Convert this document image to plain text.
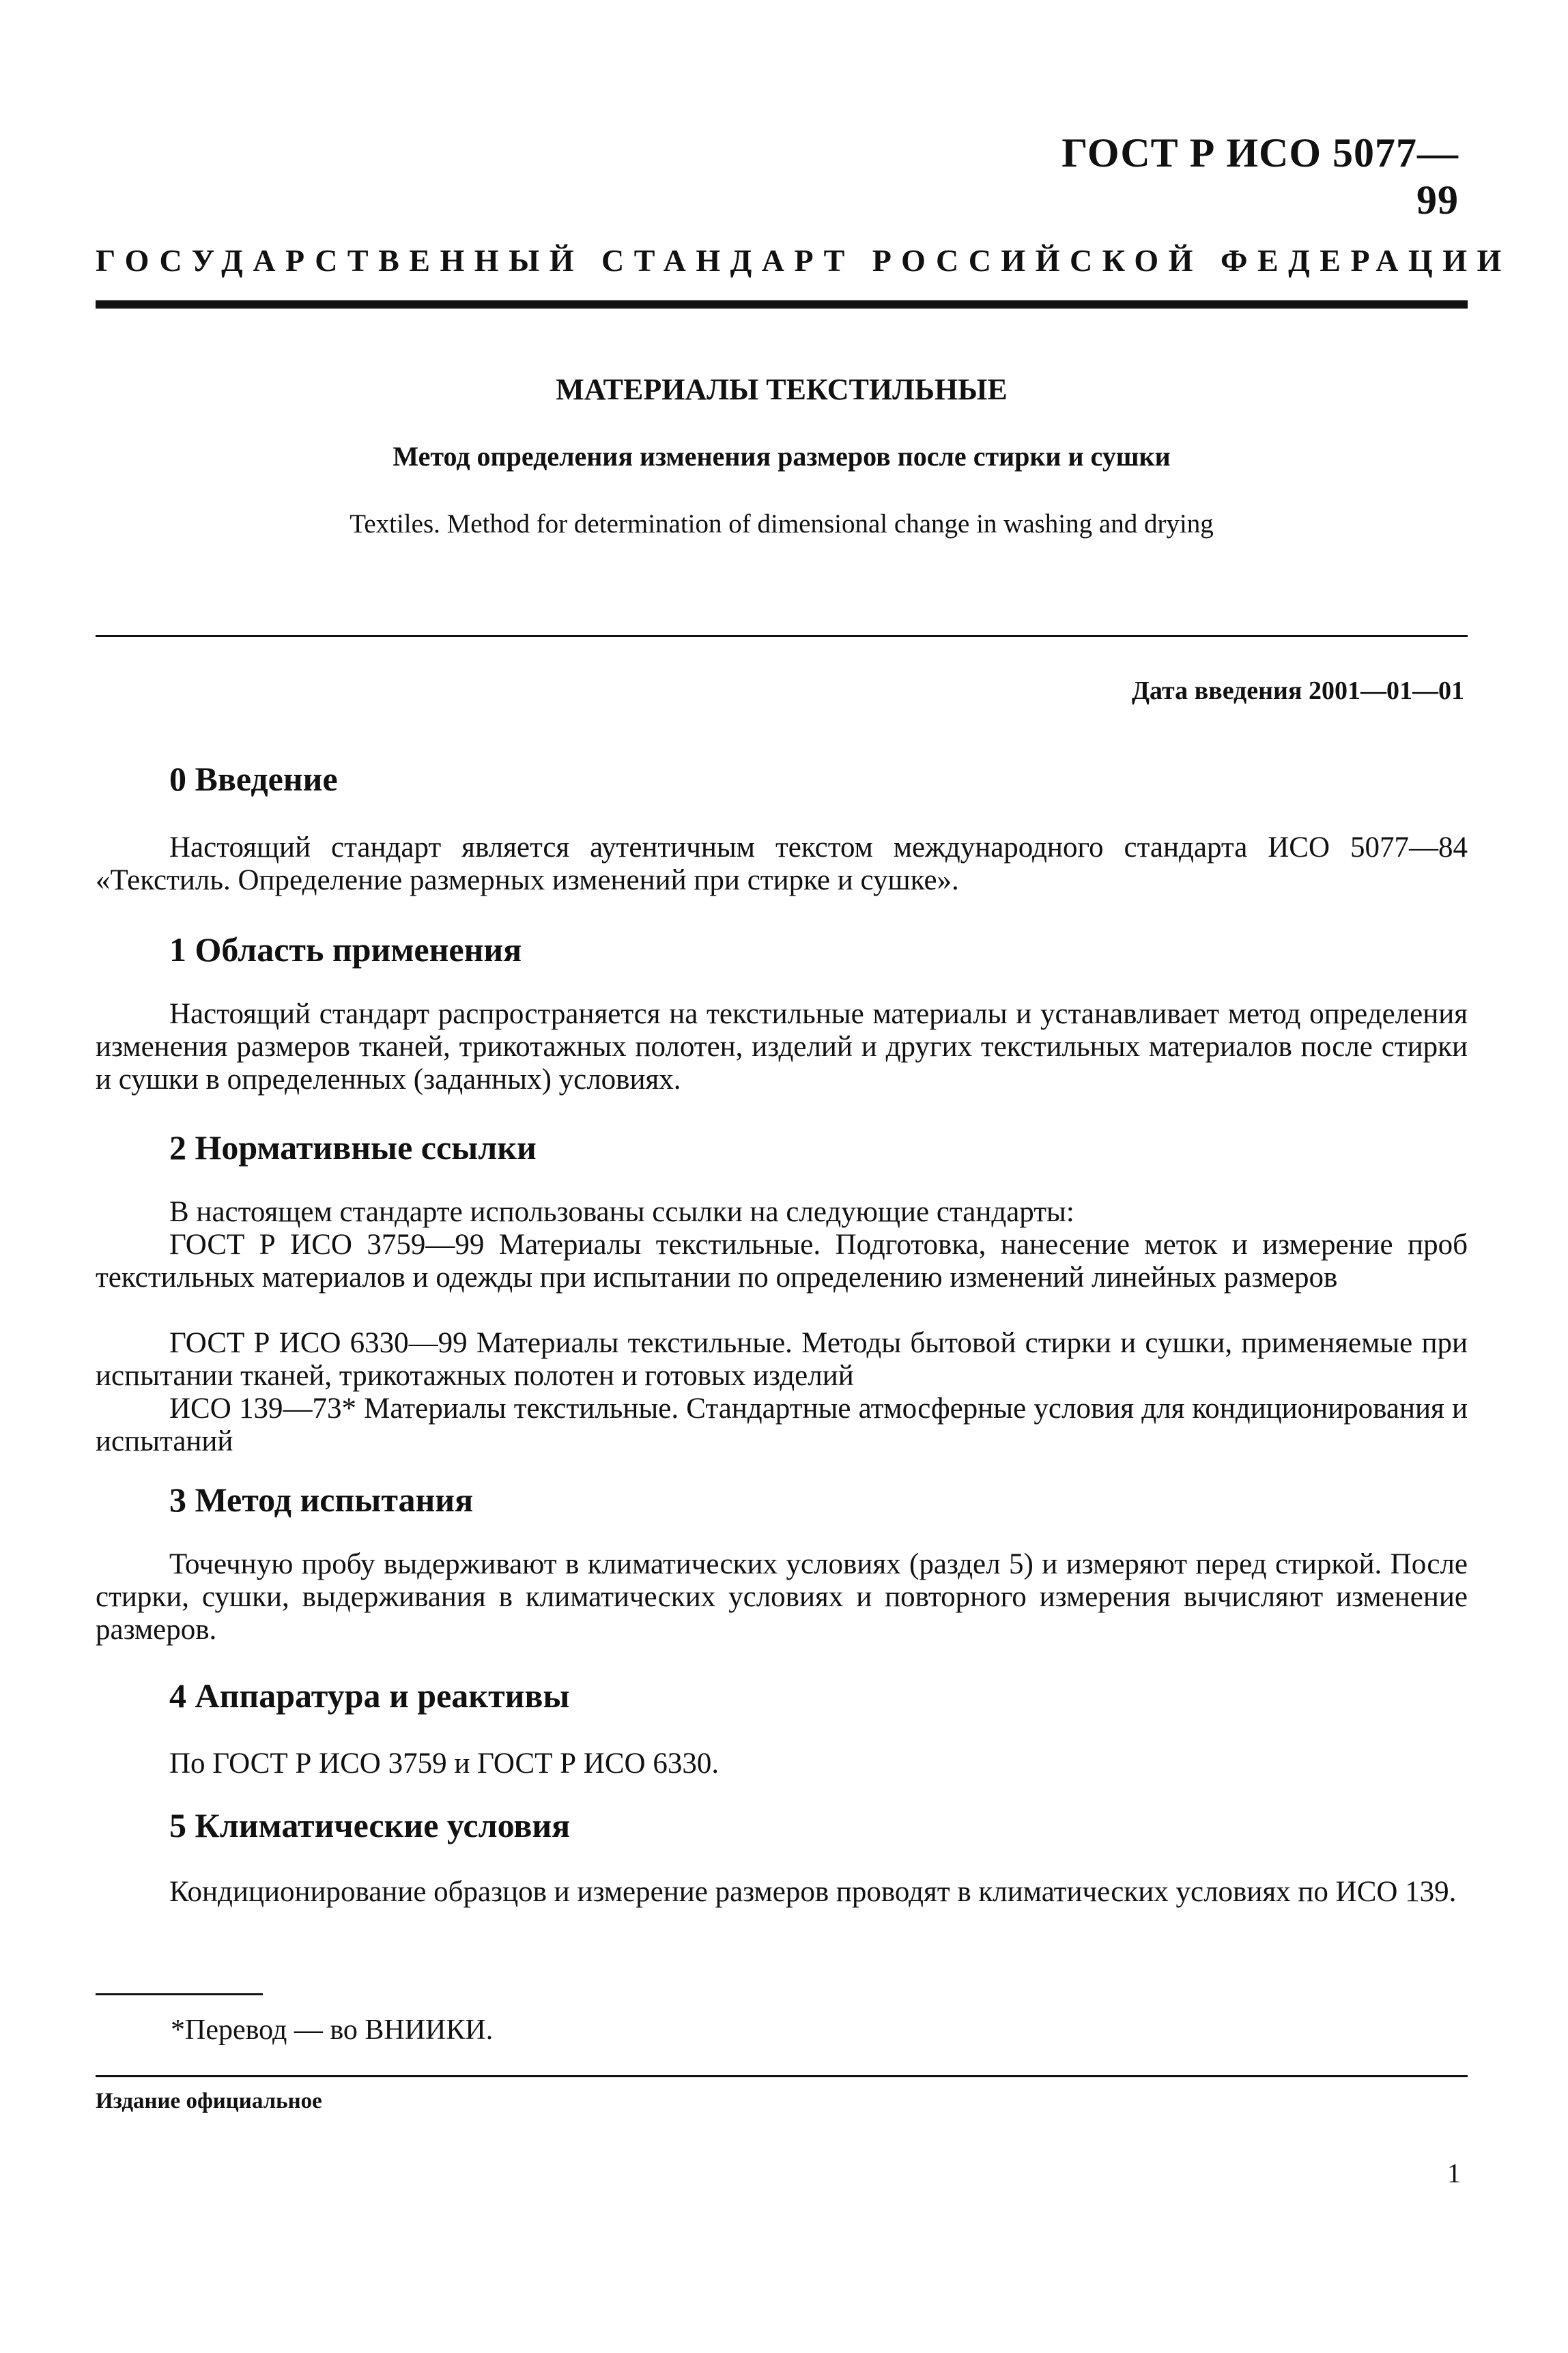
ГОСТ Р ИСО 5077—99
ГОСУДАРСТВЕННЫЙ СТАНДАРТ РОССИЙСКОЙ ФЕДЕРАЦИИ
МАТЕРИАЛЫ ТЕКСТИЛЬНЫЕ
Метод определения изменения размеров после стирки и сушки
Textiles. Method for determination of dimensional change in washing and drying
Дата введения 2001—01—01
0 Введение
Настоящий стандарт является аутентичным текстом международного стандарта ИСО 5077—84 «Текстиль. Определение размерных изменений при стирке и сушке».
1 Область применения
Настоящий стандарт распространяется на текстильные материалы и устанавливает метод определения изменения размеров тканей, трикотажных полотен, изделий и других текстильных материалов после стирки и сушки в определенных (заданных) условиях.
2 Нормативные ссылки
В настоящем стандарте использованы ссылки на следующие стандарты:
ГОСТ Р ИСО 3759—99 Материалы текстильные. Подготовка, нанесение меток и измерение проб текстильных материалов и одежды при испытании по определению изменений линейных размеров
ГОСТ Р ИСО 6330—99 Материалы текстильные. Методы бытовой стирки и сушки, применяемые при испытании тканей, трикотажных полотен и готовых изделий
ИСО 139—73* Материалы текстильные. Стандартные атмосферные условия для кондиционирования и испытаний
3 Метод испытания
Точечную пробу выдерживают в климатических условиях (раздел 5) и измеряют перед стиркой. После стирки, сушки, выдерживания в климатических условиях и повторного измерения вычисляют изменение размеров.
4 Аппаратура и реактивы
По ГОСТ Р ИСО 3759 и ГОСТ Р ИСО 6330.
5 Климатические условия
Кондиционирование образцов и измерение размеров проводят в климатических условиях по ИСО 139.
*Перевод — во ВНИИКИ.
Издание официальное
1
